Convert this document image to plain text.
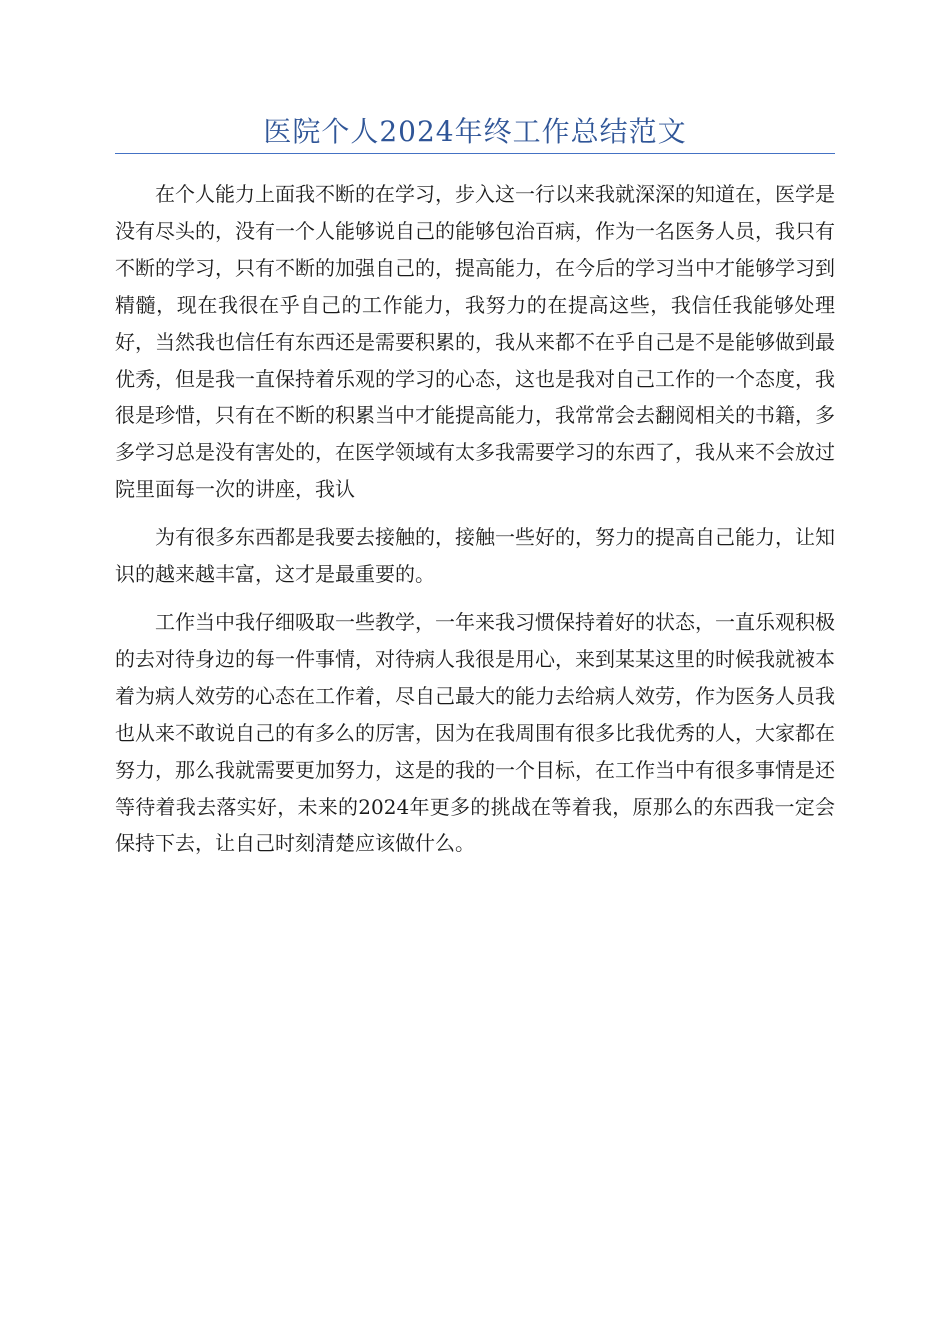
医院个人2024年终工作总结范文

在个人能力上面我不断的在学习，步入这一行以来我就深深的知道在，医学是没有尽头的，没有一个人能够说自己的能够包治百病，作为一名医务人员，我只有不断的学习，只有不断的加强自己的，提高能力，在今后的学习当中才能够学习到精髓，现在我很在乎自己的工作能力，我努力的在提高这些，我信任我能够处理好，当然我也信任有东西还是需要积累的，我从来都不在乎自己是不是能够做到最优秀，但是我一直保持着乐观的学习的心态，这也是我对自己工作的一个态度，我很是珍惜，只有在不断的积累当中才能提高能力，我常常会去翻阅相关的书籍，多多学习总是没有害处的，在医学领域有太多我需要学习的东西了，我从来不会放过院里面每一次的讲座，我认

为有很多东西都是我要去接触的，接触一些好的，努力的提高自己能力，让知识的越来越丰富，这才是最重要的。

工作当中我仔细吸取一些教学，一年来我习惯保持着好的状态，一直乐观积极的去对待身边的每一件事情，对待病人我很是用心，来到某某这里的时候我就被本着为病人效劳的心态在工作着，尽自己最大的能力去给病人效劳，作为医务人员我也从来不敢说自己的有多么的厉害，因为在我周围有很多比我优秀的人，大家都在努力，那么我就需要更加努力，这是的我的一个目标，在工作当中有很多事情是还等待着我去落实好，未来的2024年更多的挑战在等着我，原那么的东西我一定会保持下去，让自己时刻清楚应该做什么。
